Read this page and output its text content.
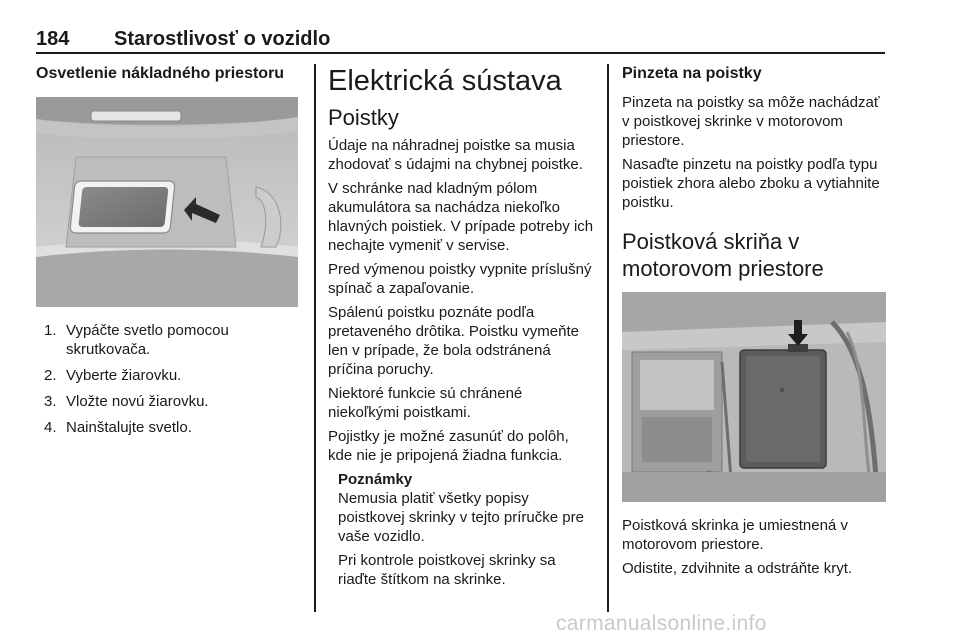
184 Starostlivosť o vozidlo
Osvetlenie nákladného priestoru
1. Vypáčte svetlo pomocou skrutkovača.
2. Vyberte žiarovku.
3. Vložte novú žiarovku.
4. Nainštalujte svetlo.
Elektrická sústava
Poistky

Údaje na náhradnej poistke sa musia zhodovať s údajmi na chybnej poistke.

V schránke nad kladným pólom akumulátora sa nachádza niekoľko hlavných poistiek. V prípade potreby ich nechajte vymeniť v servise.

Pred výmenou poistky vypnite príslušný spínač a zapaľovanie.

Spálenú poistku poznáte podľa pretaveného drôtika. Poistku vymeňte len v prípade, že bola odstránená príčina poruchy.

Niektoré funkcie sú chránené niekoľkými poistkami.

Pojistky je možné zasunúť do polôh, kde nie je pripojená žiadna funkcia.

Poznámky

Nemusia platiť všetky popisy poistkovej skrinky v tejto príručke pre vaše vozidlo.

Pri kontrole poistkovej skrinky sa riaďte štítkom na skrinke.

Pinzeta na poistky

Pinzeta na poistky sa môže nachádzať v poistkovej skrinke v motorovom priestore.

Nasaďte pinzetu na poistky podľa typu poistiek zhora alebo zboku a vytiahnite poistku.

Poistková skriňa v motorovom priestore

Poistková skrinka je umiestnená v motorovom priestore.

Odistite, zdvihnite a odstráňte kryt.

carmanualsonline.info
